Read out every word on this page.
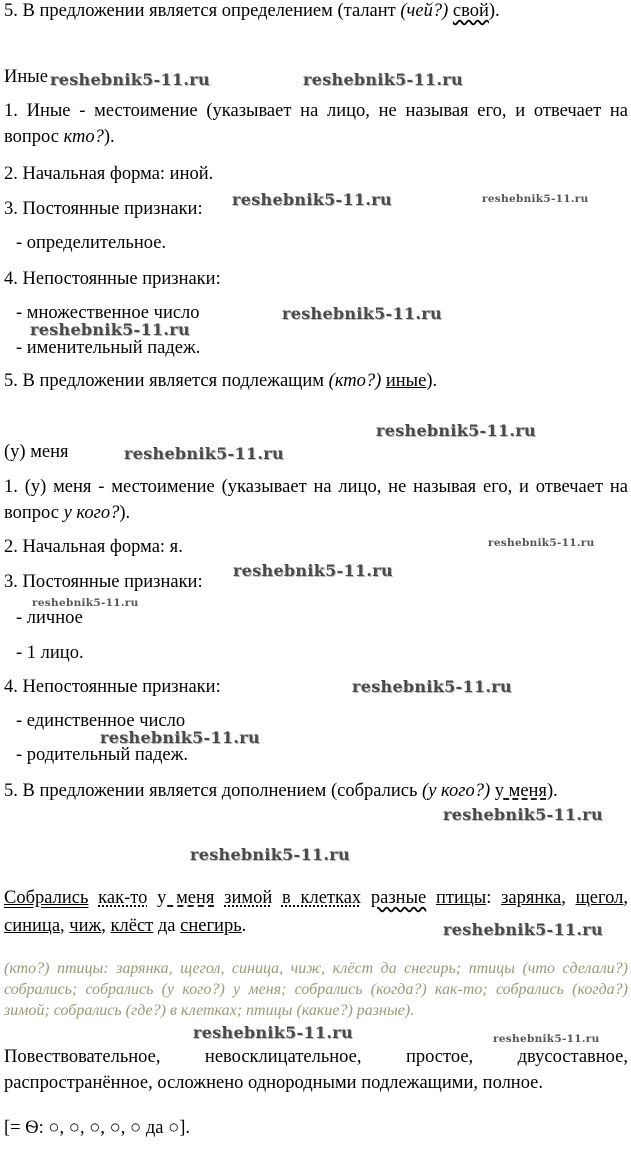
5. В предложении является определением (талант (чей?) свой).
Иные
1. Иные - местоимение (указывает на лицо, не называя его, и отвечает на вопрос кто?).
2. Начальная форма: иной.
3. Постоянные признаки:
- определительное.
4. Непостоянные признаки:
- множественное число
- именительный падеж.
5. В предложении является подлежащим (кто?) иные).
(у) меня
1. (у) меня - местоимение (указывает на лицо, не называя его, и отвечает на вопрос у кого?).
2. Начальная форма: я.
3. Постоянные признаки:
- личное
- 1 лицо.
4. Непостоянные признаки:
- единственное число
- родительный падеж.
5. В предложении является дополнением (собрались (у кого?) у меня).
Собрались как-то у меня зимой в клетках разные птицы: зарянка, щегол, синица, чиж, клёст да снегирь.
(кто?) птицы: зарянка, щегол, синица, чиж, клёст да снегирь; птицы (что сделали?) собрались; собрались (у кого?) у меня; собрались (когда?) как-то; собрались (когда?) зимой; собрались (где?) в клетках; птицы (какие?) разные).
Повествовательное, невосклицательное, простое, двусоставное, распространённое, осложнено однородными подлежащими, полное.
[= Ѳ: ○, ○, ○, ○, ○ да ○].
reshebnik5-11.ru	reshebnik5-11.ru
reshebnik5-11.ru	reshebnik5-11.ru
reshebnik5-11.ru
reshebnik5-11.ru
reshebnik5-11.ru
reshebnik5-11.ru
reshebnik5-11.ru
reshebnik5-11.ru
reshebnik5-11.ru
reshebnik5-11.ru
reshebnik5-11.ru
reshebnik5-11.ru
reshebnik5-11.ru
reshebnik5-11.ru
reshebnik5-11.ru	reshebnik5-11.ru
